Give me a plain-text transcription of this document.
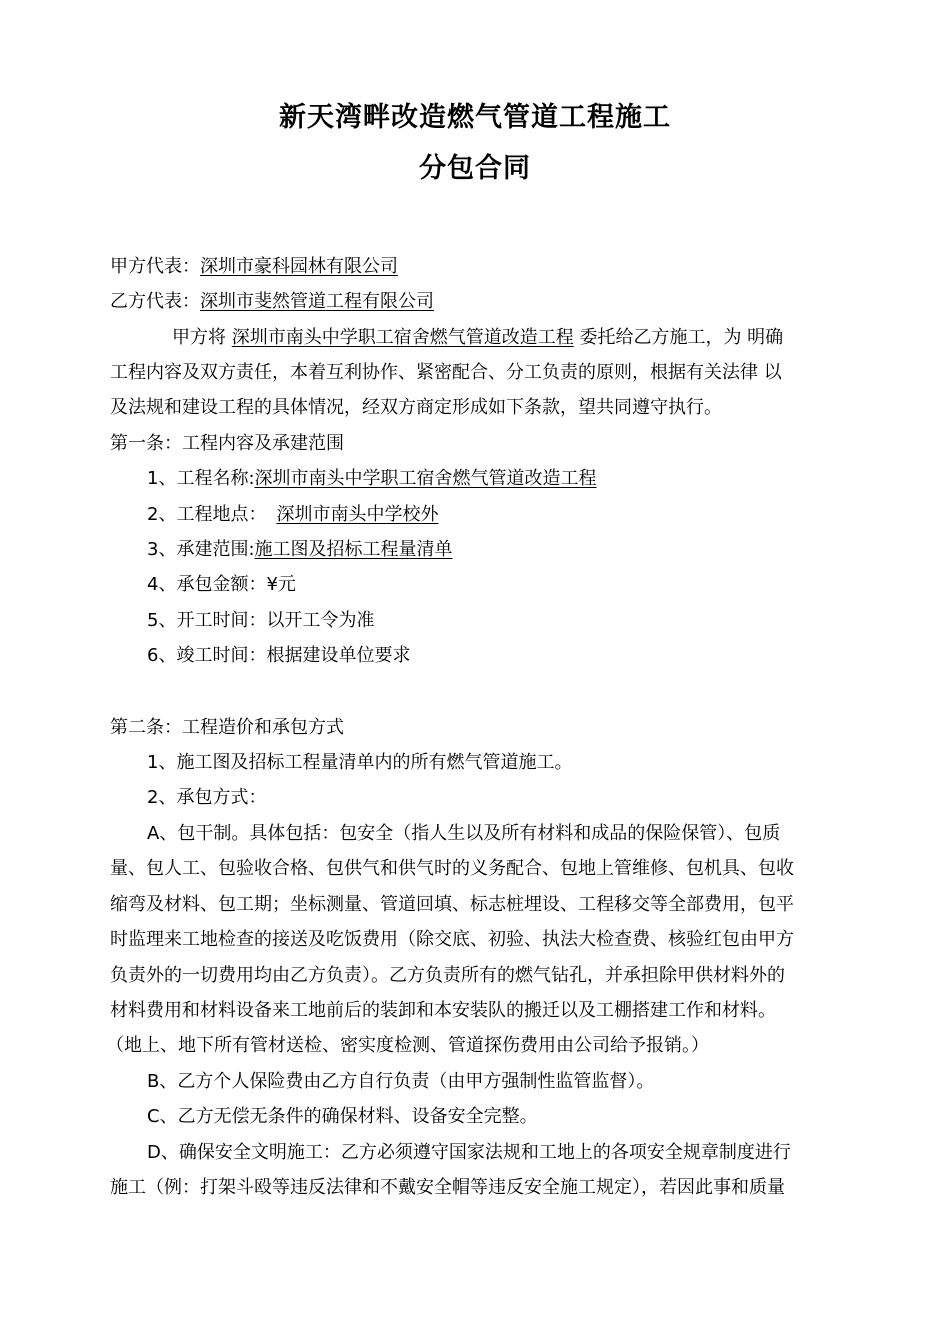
新天湾畔改造燃气管道工程施工
分包合同
甲方代表：深圳市豪科园林有限公司
乙方代表：深圳市斐然管道工程有限公司
甲方将 深圳市南头中学职工宿舍燃气管道改造工程 委托给乙方施工，为 明确
工程内容及双方责任，本着互利协作、紧密配合、分工负责的原则，根据有关法律 以
及法规和建设工程的具体情况，经双方商定形成如下条款，望共同遵守执行。
第一条：工程内容及承建范围
1、工程名称:深圳市南头中学职工宿舍燃气管道改造工程
2、工程地点： 深圳市南头中学校外
3、承建范围:施工图及招标工程量清单
4、承包金额：¥元
5、开工时间：以开工令为准
6、竣工时间：根据建设单位要求
第二条：工程造价和承包方式
1、施工图及招标工程量清单内的所有燃气管道施工。
2、承包方式：
A、包干制。具体包括：包安全（指人生以及所有材料和成品的保险保管）、包质
量、包人工、包验收合格、包供气和供气时的义务配合、包地上管维修、包机具、包收
缩弯及材料、包工期；坐标测量、管道回填、标志桩埋设、工程移交等全部费用，包平
时监理来工地检查的接送及吃饭费用（除交底、初验、执法大检查费、核验红包由甲方
负责外的一切费用均由乙方负责）。乙方负责所有的燃气钻孔，并承担除甲供材料外的
材料费用和材料设备来工地前后的装卸和本安装队的搬迁以及工棚搭建工作和材料。
（地上、地下所有管材送检、密实度检测、管道探伤费用由公司给予报销。）
B、乙方个人保险费由乙方自行负责（由甲方强制性监管监督）。
C、乙方无偿无条件的确保材料、设备安全完整。
D、确保安全文明施工：乙方必须遵守国家法规和工地上的各项安全规章制度进行
施工（例：打架斗殴等违反法律和不戴安全帽等违反安全施工规定），若因此事和质量
